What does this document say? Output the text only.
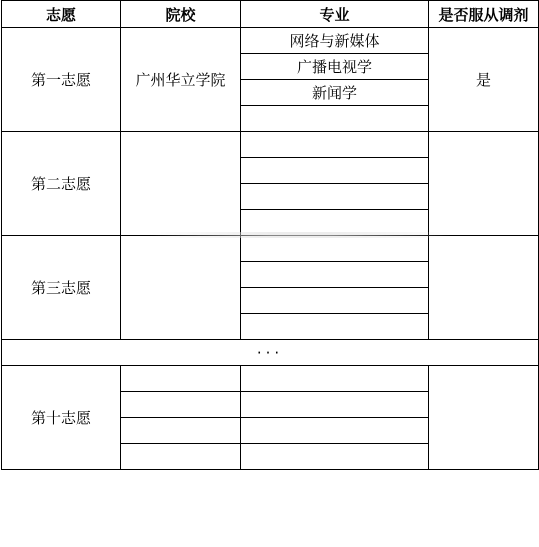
志愿	院校	专业	是否服从调剂
第一志愿	广州华立学院	网络与新媒体	是
		广播电视学	
		新闻学	

第二志愿			

第三志愿			

···			
第十志愿			
